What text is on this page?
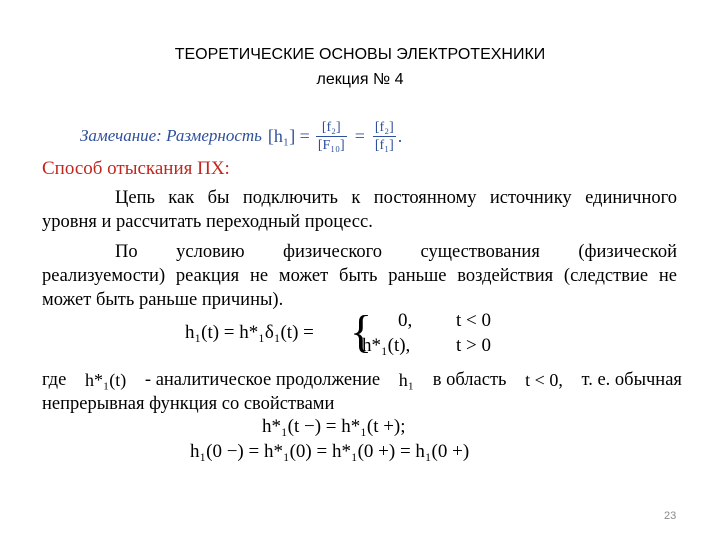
ТЕОРЕТИЧЕСКИЕ ОСНОВЫ ЭЛЕКТРОТЕХНИКИ
лекция № 4
Замечание: Размерность $[h_1] = \frac{\text{[f₂]}}{\text{[F₁₀]}} = \frac{\text{[f₂]}}{\text{[f₁]}}$ .
Способ отыскания ПХ:
Цепь как бы подключить к постоянному источнику единичного
уровня и рассчитать переходный процесс.
По условию физического существования (физической
реализуемости) реакция не может быть раньше воздействия (следствие не
может быть раньше причины).
h₁(t) = h*₁δ₁(t) = { 0, t < 0
h*₁(t), t > 0
где h*₁(t) - аналитическое продолжение h₁ в область t < 0, т. е. обычная
непрерывная функция со свойствами
h*₁(t −) = h*₁(t +);
h₁(0 −) = h*₁(0) = h*₁(0 +) = h₁(0 +)
23
